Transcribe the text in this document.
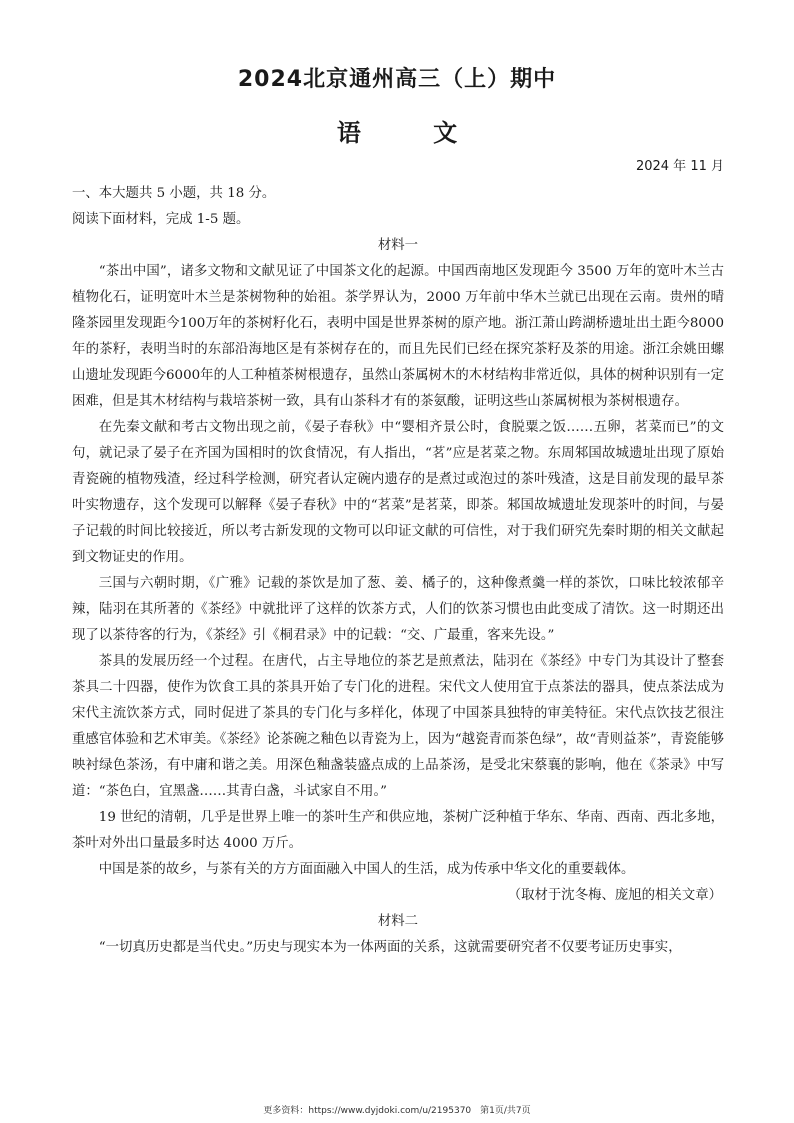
2024北京通州高三（上）期中
语 文
2024 年 11 月

一、本大题共 5 小题，共 18 分。

阅读下面材料，完成 1-5 题。

材料一

“茶出中国”，诸多文物和文献见证了中国茶文化的起源。中国西南地区发现距今 3500 万年的宽叶木兰古植物化石，证明宽叶木兰是茶树物种的始祖。茶学界认为，2000 万年前中华木兰就已出现在云南。贵州的晴隆茶园里发现距今100万年的茶树籽化石，表明中国是世界茶树的原产地。浙江萧山跨湖桥遗址出土距今8000年的茶籽，表明当时的东部沿海地区是有茶树存在的，而且先民们已经在探究茶籽及茶的用途。浙江余姚田螺山遗址发现距今6000年的人工种植茶树根遗存，虽然山茶属树木的木材结构非常近似，具体的树种识别有一定困难，但是其木材结构与栽培茶树一致，具有山茶科才有的茶氨酸，证明这些山茶属树根为茶树根遗存。

在先秦文献和考古文物出现之前，《晏子春秋》中“婴相齐景公时，食脱粟之饭……五卵，茗菜而已”的文句，就记录了晏子在齐国为国相时的饮食情况，有人指出，“茗”应是茗菜之物。东周邾国故城遗址出现了原始青瓷碗的植物残渣，经过科学检测，研究者认定碗内遗存的是煮过或泡过的茶叶残渣，这是目前发现的最早茶叶实物遗存，这个发现可以解释《晏子春秋》中的“茗菜”是茗菜，即茶。邾国故城遗址发现茶叶的时间，与晏子记载的时间比较接近，所以考古新发现的文物可以印证文献的可信性，对于我们研究先秦时期的相关文献起到文物证史的作用。

三国与六朝时期，《广雅》记载的茶饮是加了葱、姜、橘子的，这种像煮羹一样的茶饮，口味比较浓郁辛辣，陆羽在其所著的《茶经》中就批评了这样的饮茶方式，人们的饮茶习惯也由此变成了清饮。这一时期还出现了以茶待客的行为，《茶经》引《桐君录》中的记载：“交、广最重，客来先设。”

茶具的发展历经一个过程。在唐代，占主导地位的茶艺是煎煮法，陆羽在《茶经》中专门为其设计了整套茶具二十四器，使作为饮食工具的茶具开始了专门化的进程。宋代文人使用宜于点茶法的器具，使点茶法成为宋代主流饮茶方式，同时促进了茶具的专门化与多样化，体现了中国茶具独特的审美特征。宋代点饮技艺很注重感官体验和艺术审美。《茶经》论茶碗之釉色以青瓷为上，因为“越瓷青而茶色绿”，故“青则益茶”，青瓷能够映衬绿色茶汤，有中庸和谐之美。用深色釉盏装盛点成的上品茶汤，是受北宋蔡襄的影响，他在《茶录》中写道：“茶色白，宜黑盏……其青白盏，斗试家自不用。”

19 世纪的清朝，几乎是世界上唯一的茶叶生产和供应地，茶树广泛种植于华东、华南、西南、西北多地，茶叶对外出口量最多时达 4000 万斤。

中国是茶的故乡，与茶有关的方方面面融入中国人的生活，成为传承中华文化的重要载体。

（取材于沈冬梅、庞旭的相关文章）

材料二

“一切真历史都是当代史。”历史与现实本为一体两面的关系，这就需要研究者不仅要考证历史事实，

更多资料：https://www.dyjdoki.com/u/2195370　第1页/共7页
